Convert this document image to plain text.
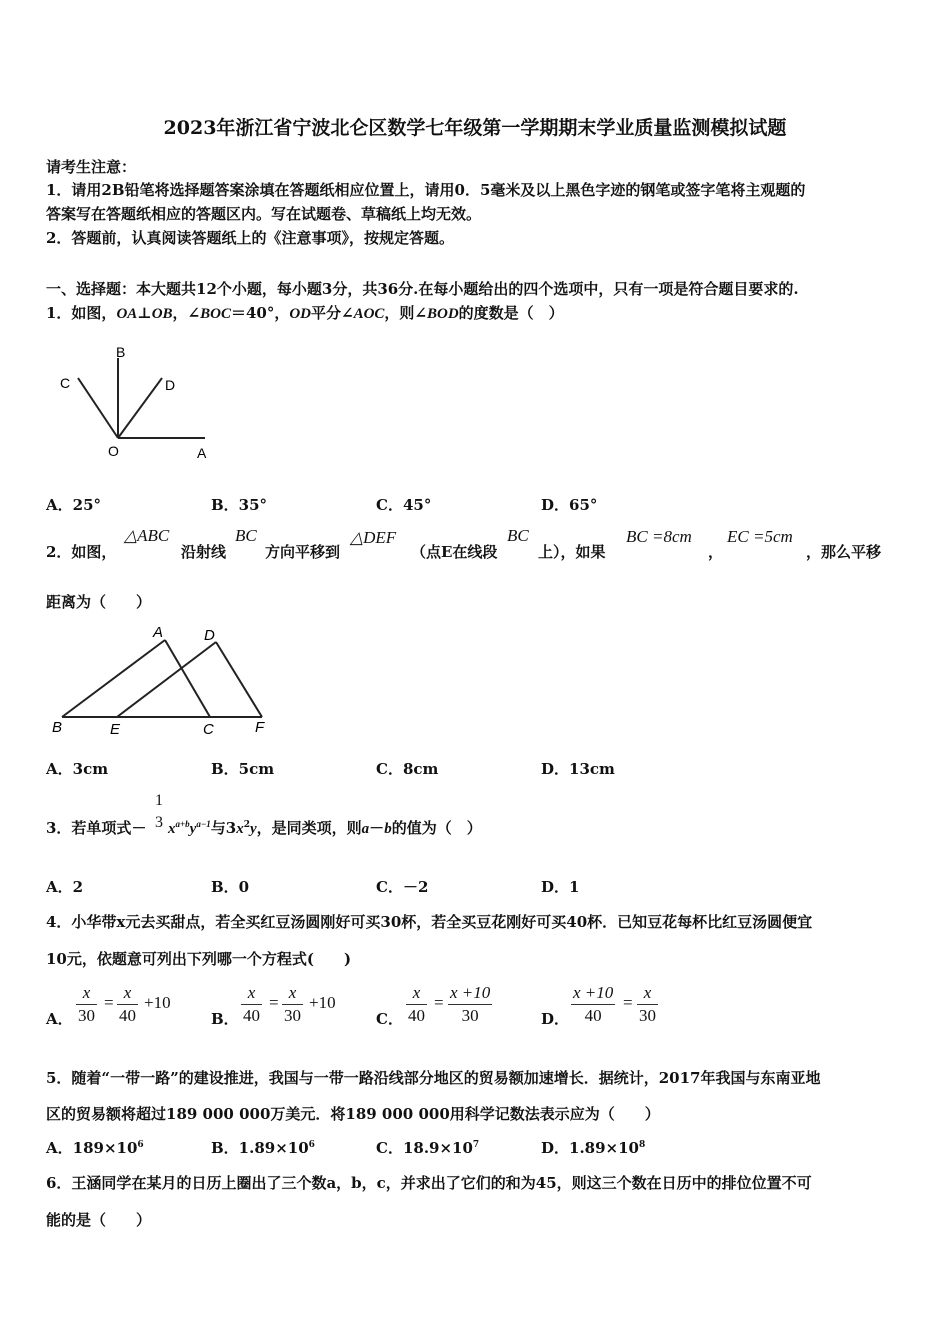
2023年浙江省宁波北仑区数学七年级第一学期期末学业质量监测模拟试题
请考生注意：
1．请用2B铅笔将选择题答案涂填在答题纸相应位置上，请用0．5毫米及以上黑色字迹的钢笔或签字笔将主观题的
答案写在答题纸相应的答题区内。写在试题卷、草稿纸上均无效。
2．答题前，认真阅读答题纸上的《注意事项》，按规定答题。
一、选择题：本大题共12个小题，每小题3分，共36分.在每小题给出的四个选项中，只有一项是符合题目要求的.
1．如图，OA⊥OB，∠BOC＝40°，OD平分∠AOC，则∠BOD的度数是（　）
B
C	D
O	A
A．25°	B．35°	C．45°	D．65°
2．如图，
△ABC
沿射线
BC
方向平移到
△DEF
（点E在线段
BC
上），如果
BC =8cm
，
EC =5cm
，那么平移
距离为（　　）
A	D
B	E	C	F
A．3cm	B．5cm	C．8cm	D．13cm
3．若单项式－
1
3 $x^{a+b}y^{a-1}$与$3x^2y$，是同类项，则a－b的值为（　）
A．2	B．0	C．－2	D．1
4．小华带x元去买甜点，若全买红豆汤圆刚好可买30杯，若全买豆花刚好可买40杯．已知豆花每杯比红豆汤圆便宜
10元，依题意可列出下列哪一个方程式(　　)
A． $\frac{x}{30} = \frac{x}{40} +10$
B． $\frac{x}{40} = \frac{x}{30} +10$
C． $\frac{x}{40} = \frac{x +10}{30}$	D． $\frac{x +10}{40} = \frac{x}{30}$
5．随着“一带一路”的建设推进，我国与一带一路沿线部分地区的贸易额加速增长．据统计，2017年我国与东南亚地
区的贸易额将超过189 000 000万美元．将189 000 000用科学记数法表示应为（　　）
A．$189\times 10^6$	B．$1.89\times 10^6$	C．$18.9\times 10^7$	D．$1.89\times 10^8$
6．王涵同学在某月的日历上圈出了三个数a，b，c，并求出了它们的和为45，则这三个数在日历中的排位位置不可
能的是（　　）
